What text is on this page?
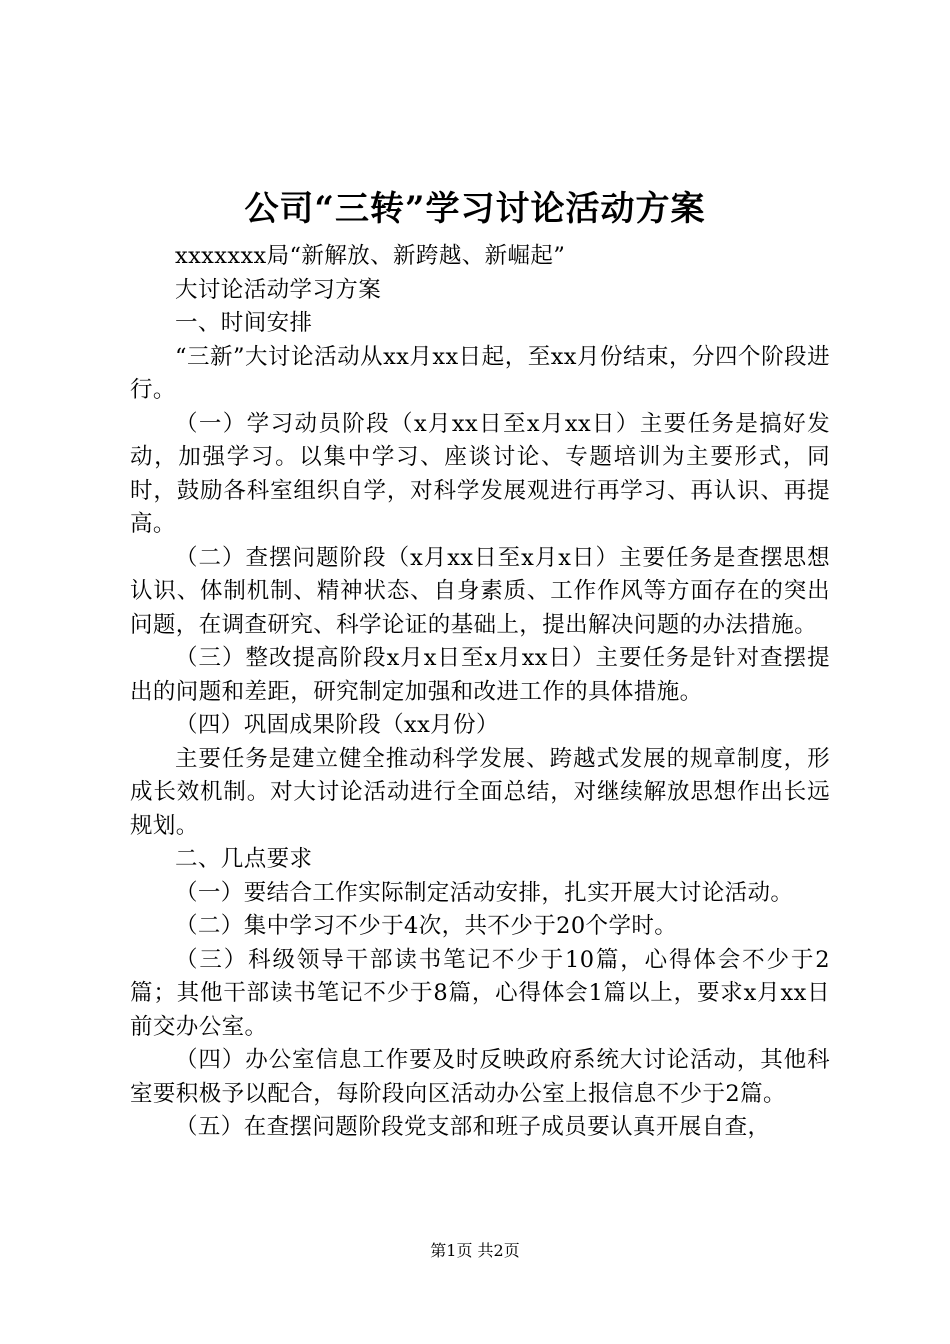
公司“三转”学习讨论活动方案

xxxxxxx局“新解放、新跨越、新崛起”

大讨论活动学习方案

一、时间安排

“三新”大讨论活动从xx月xx日起，至xx月份结束，分四个阶段进行。

（一）学习动员阶段（x月xx日至x月xx日）主要任务是搞好发动，加强学习。以集中学习、座谈讨论、专题培训为主要形式，同时，鼓励各科室组织自学，对科学发展观进行再学习、再认识、再提高。

（二）查摆问题阶段（x月xx日至x月x日）主要任务是查摆思想认识、体制机制、精神状态、自身素质、工作作风等方面存在的突出问题，在调查研究、科学论证的基础上，提出解决问题的办法措施。

（三）整改提高阶段x月x日至x月xx日）主要任务是针对查摆提出的问题和差距，研究制定加强和改进工作的具体措施。

（四）巩固成果阶段（xx月份）

主要任务是建立健全推动科学发展、跨越式发展的规章制度，形成长效机制。对大讨论活动进行全面总结，对继续解放思想作出长远规划。

二、几点要求

（一）要结合工作实际制定活动安排，扎实开展大讨论活动。

（二）集中学习不少于4次，共不少于20个学时。

（三）科级领导干部读书笔记不少于10篇，心得体会不少于2篇；其他干部读书笔记不少于8篇，心得体会1篇以上，要求x月xx日前交办公室。

（四）办公室信息工作要及时反映政府系统大讨论活动，其他科室要积极予以配合，每阶段向区活动办公室上报信息不少于2篇。

（五）在查摆问题阶段党支部和班子成员要认真开展自查，

第1页 共2页
